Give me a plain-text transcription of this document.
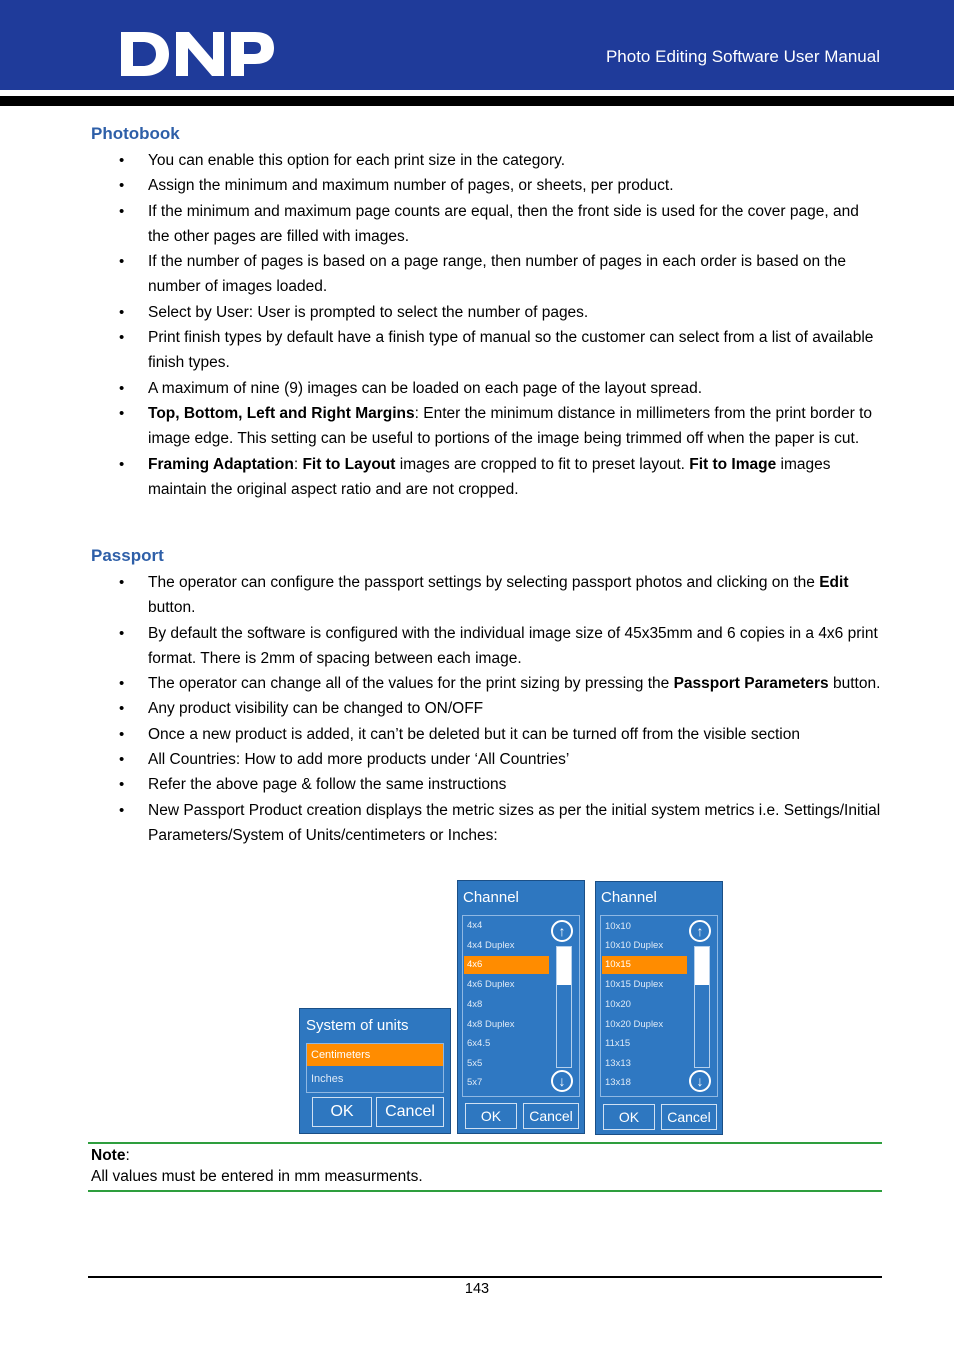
Photo Editing Software User Manual
Photobook
• You can enable this option for each print size in the category.
• Assign the minimum and maximum number of pages, or sheets, per product.
• If the minimum and maximum page counts are equal, then the front side is used for the cover page, and the other pages are filled with images.
• If the number of pages is based on a page range, then number of pages in each order is based on the number of images loaded.
• Select by User: User is prompted to select the number of pages.
• Print finish types by default have a finish type of manual so the customer can select from a list of available finish types.
• A maximum of nine (9) images can be loaded on each page of the layout spread.
• Top, Bottom, Left and Right Margins: Enter the minimum distance in millimeters from the print border to image edge. This setting can be useful to portions of the image being trimmed off when the paper is cut.
• Framing Adaptation: Fit to Layout images are cropped to fit to preset layout. Fit to Image images maintain the original aspect ratio and are not cropped.
Passport
• The operator can configure the passport settings by selecting passport photos and clicking on the Edit button.
• By default the software is configured with the individual image size of 45x35mm and 6 copies in a 4x6 print format. There is 2mm of spacing between each image.
• The operator can change all of the values for the print sizing by pressing the Passport Parameters button.
• Any product visibility can be changed to ON/OFF
• Once a new product is added, it can’t be deleted but it can be turned off from the visible section
• All Countries: How to add more products under ‘All Countries’
• Refer the above page & follow the same instructions
• New Passport Product creation displays the metric sizes as per the initial system metrics i.e. Settings/Initial Parameters/System of Units/centimeters or Inches:
System of units
Centimeters
Inches
OK	Cancel
Channel
4x4
4x4 Duplex
4x6
4x6 Duplex
4x8
4x8 Duplex
6x4.5
5x5
5x7
↑
↓
OK	Cancel
Channel
10x10
10x10 Duplex
10x15
10x15 Duplex
10x20
10x20 Duplex
11x15
13x13
13x18
↑
↓
OK	Cancel
Note:
All values must be entered in mm measurments.
143
